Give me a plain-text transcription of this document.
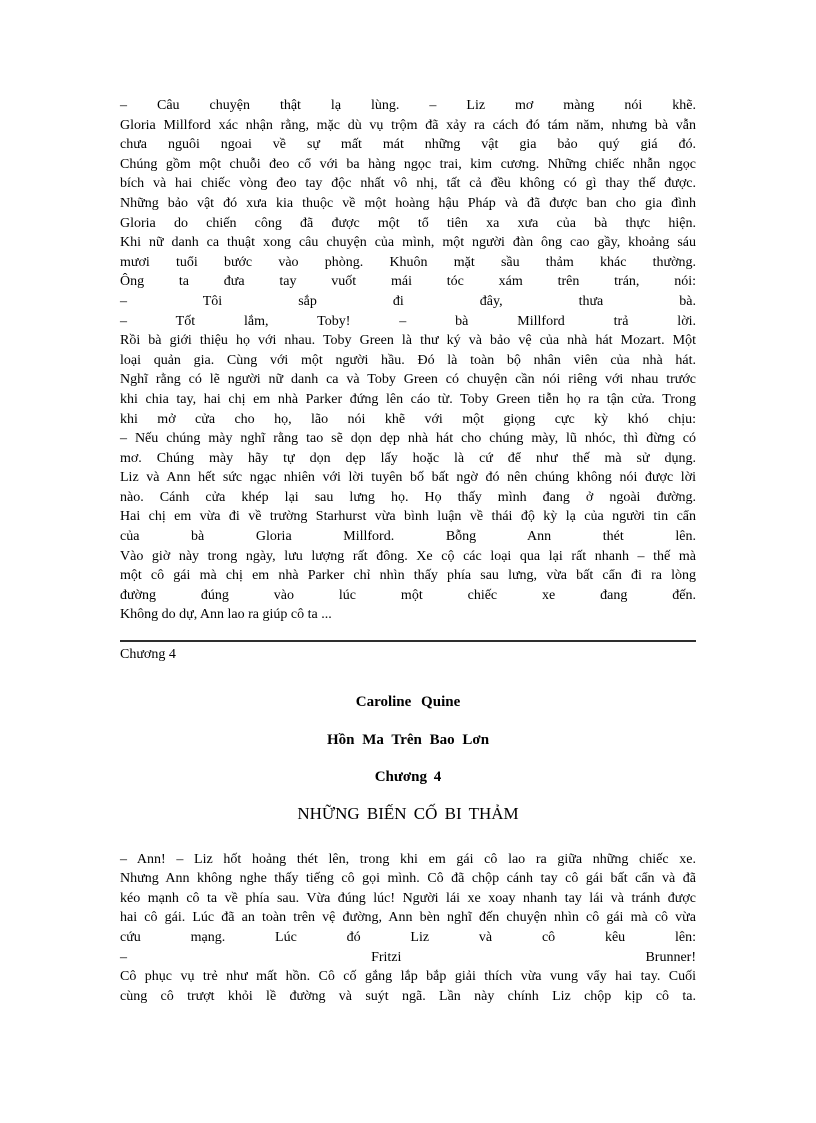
– Câu chuyện thật lạ lùng. – Liz mơ màng nói khẽ.
Gloria Millford xác nhận rằng, mặc dù vụ trộm đã xảy ra cách đó tám năm, nhưng bà vẫn
chưa nguôi ngoai về sự mất mát những vật gia bảo quý giá đó.
Chúng gồm một chuỗi đeo cổ với ba hàng ngọc trai, kim cương. Những chiếc nhẫn ngọc
bích và hai chiếc vòng đeo tay độc nhất vô nhị, tất cả đều không có gì thay thế được.
Những bảo vật đó xưa kia thuộc về một hoàng hậu Pháp và đã được ban cho gia đình
Gloria do chiến công đã được một tổ tiên xa xưa của bà thực hiện.
Khi nữ danh ca thuật xong câu chuyện của mình, một người đàn ông cao gầy, khoảng sáu
mươi tuổi bước vào phòng. Khuôn mặt sầu thảm khác thường.
Ông ta đưa tay vuốt mái tóc xám trên trán, nói:
– Tôi sắp đi đây, thưa bà.
– Tốt lắm, Toby! – bà Millford trả lời.
Rồi bà giới thiệu họ với nhau. Toby Green là thư ký và bảo vệ của nhà hát Mozart. Một
loại quản gia. Cùng với một người hầu. Đó là toàn bộ nhân viên của nhà hát.
Nghĩ rằng có lẽ người nữ danh ca và Toby Green có chuyện cần nói riêng với nhau trước
khi chia tay, hai chị em nhà Parker đứng lên cáo từ. Toby Green tiễn họ ra tận cửa. Trong
khi mở cửa cho họ, lão nói khẽ với một giọng cực kỳ khó chịu:
– Nếu chúng mày nghĩ rằng tao sẽ dọn dẹp nhà hát cho chúng mày, lũ nhóc, thì đừng có
mơ. Chúng mày hãy tự dọn dẹp lấy hoặc là cứ để như thế mà sử dụng.
Liz và Ann hết sức ngạc nhiên với lời tuyên bố bất ngờ đó nên chúng không nói được lời
nào. Cánh cửa khép lại sau lưng họ. Họ thấy mình đang ở ngoài đường.
Hai chị em vừa đi về trường Starhurst vừa bình luận về thái độ kỳ lạ của người tin cẩn
của bà Gloria Millford. Bỗng Ann thét lên.
Vào giờ này trong ngày, lưu lượng rất đông. Xe cộ các loại qua lại rất nhanh – thế mà
một cô gái mà chị em nhà Parker chỉ nhìn thấy phía sau lưng, vừa bất cẩn đi ra lòng
đường đúng vào lúc một chiếc xe đang đến.
Không do dự, Ann lao ra giúp cô ta ...
Chương 4
Caroline Quine
Hồn Ma Trên Bao Lơn
Chương 4
NHỮNG BIẾN CỐ BI THẢM
– Ann! – Liz hốt hoảng thét lên, trong khi em gái cô lao ra giữa những chiếc xe.
Nhưng Ann không nghe thấy tiếng cô gọi mình. Cô đã chộp cánh tay cô gái bất cẩn và đã
kéo mạnh cô ta về phía sau. Vừa đúng lúc! Người lái xe xoay nhanh tay lái và tránh được
hai cô gái. Lúc đã an toàn trên vệ đường, Ann bèn nghĩ đến chuyện nhìn cô gái mà cô vừa
cứu mạng. Lúc đó Liz và cô kêu lên:
– Fritzi Brunner!
Cô phục vụ trẻ như mất hồn. Cô cố gắng lắp bắp giải thích vừa vung vẩy hai tay. Cuối
cùng cô trượt khỏi lề đường và suýt ngã. Lần này chính Liz chộp kịp cô ta.
